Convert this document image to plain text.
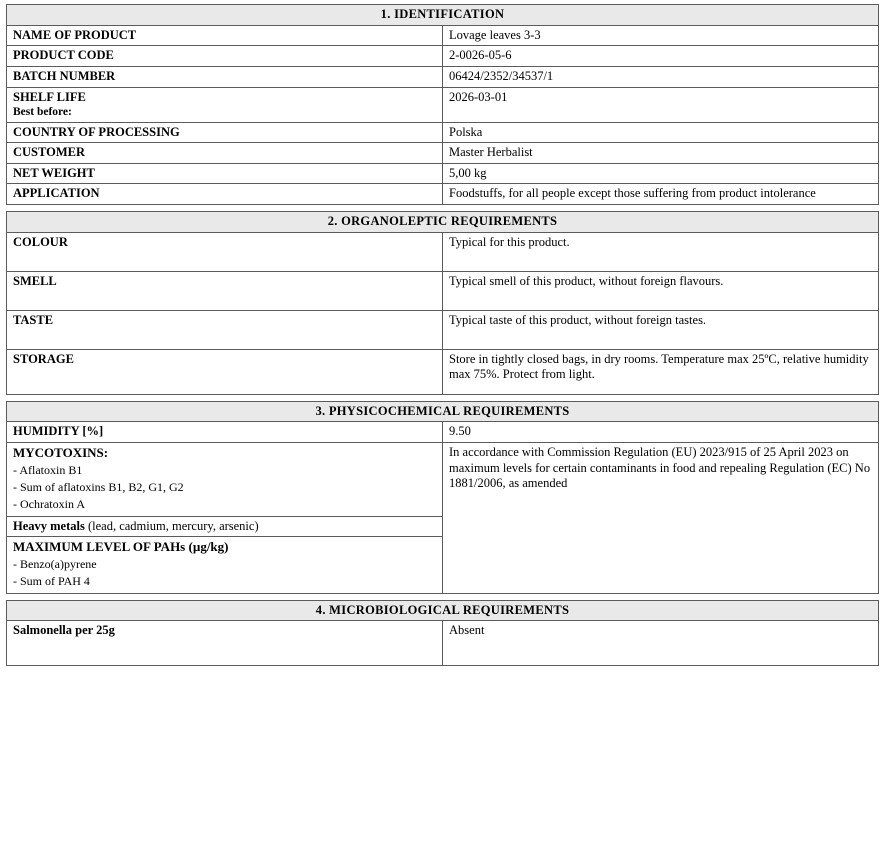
1. IDENTIFICATION	
NAME OF PRODUCT	Lovage leaves 3-3
PRODUCT CODE	2-0026-05-6
BATCH NUMBER	06424/2352/34537/1
SHELF LIFE
Best before:	2026-03-01
COUNTRY OF PROCESSING	Polska
CUSTOMER	Master Herbalist
NET WEIGHT	5,00 kg
APPLICATION	Foodstuffs, for all people except those suffering from product intolerance
2. ORGANOLEPTIC REQUIREMENTS	
COLOUR	Typical for this product.
SMELL	Typical smell of this product, without foreign flavours.
TASTE	Typical taste of this product, without foreign tastes.
STORAGE	Store in tightly closed bags, in dry rooms. Temperature max 25ºC, relative humidity max 75%. Protect from light.
3. PHYSICOCHEMICAL REQUIREMENTS	
HUMIDITY [%]	9.50
MYCOTOXINS:
- Aflatoxin B1
- Sum of aflatoxins B1, B2, G1, G2
- Ochratoxin A	In accordance with Commission Regulation (EU) 2023/915 of 25 April 2023 on maximum levels for certain contaminants in food and repealing Regulation (EC) No 1881/2006, as amended
Heavy metals (lead, cadmium, mercury, arsenic)	
MAXIMUM LEVEL OF PAHs (µg/kg)
- Benzo(a)pyrene
- Sum of PAH 4	
4. MICROBIOLOGICAL REQUIREMENTS
Salmonella per 25g	Absent
